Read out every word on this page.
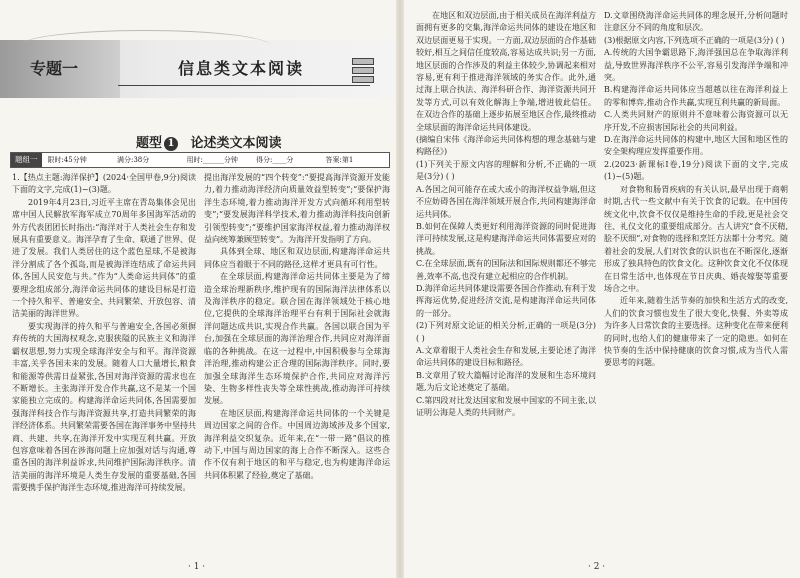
专题一	信息类文本阅读
题型 1 论述类文本阅读
题组一	限时:45分钟	满分:38分	用时:______分钟	得分:____分	答案:第1

1.【热点主题:海洋保护】(2024·全国甲卷,9分)阅读下面的文字,完成(1)~(3)题。

2019年4月23日,习近平主席在青岛集体会见出席中国人民解放军海军成立70周年多国海军活动的外方代表团团长时指出:“海洋对于人类社会生存和发展具有重要意义。海洋孕育了生命、联通了世界、促进了发展。我们人类居住的这个蓝色星球,不是被海洋分割成了各个孤岛,而是被海洋连结成了命运共同体,各国人民安危与共。”作为“人类命运共同体”的重要理念组成部分,海洋命运共同体的建设目标是打造一个持久和平、普遍安全、共同繁荣、开放包容、清洁美丽的海洋世界。

要实现海洋的持久和平与普遍安全,各国必须摒弃传统的大国海权观念,克服狭隘的民族主义和海洋霸权思想,努力实现全球海洋安全与和平。海洋资源丰富,关乎各国未来的发展。随着人口大量增长,粮食和能源等供需日益紧张,各国对海洋资源的需求也在不断增长。主张海洋开发合作共赢,这不是某一个国家能独立完成的。构建海洋命运共同体,各国需要加强海洋科技合作与海洋资源共享,打造共同繁荣的海洋经济体系。共同繁荣需要各国在海洋事务中坚持共商、共建、共享,在海洋开发中实现互利共赢。开放包容意味着各国在涉海问题上应加强对话与沟通,尊重各国的海洋利益诉求,共同维护国际海洋秩序。清洁美丽的海洋环境是人类生存发展的重要基础,各国需要携手保护海洋生态环境,推进海洋可持续发展。

提出海洋发展的“四个转变”:“要提高海洋资源开发能力,着力推动海洋经济向质量效益型转变”;“要保护海洋生态环境,着力推动海洋开发方式向循环利用型转变”;“要发展海洋科学技术,着力推动海洋科技向创新引领型转变”;“要维护国家海洋权益,着力推动海洋权益向统筹兼顾型转变”。为海洋开发指明了方向。

具体到全球、地区和双边层面,构建海洋命运共同体应当着眼于不同的路径,这样才更具有可行性。

在全球层面,构建海洋命运共同体主要是为了缔造全球治理新秩序,维护现有的国际海洋法律体系以及海洋秩序的稳定。联合国在海洋领域处于核心地位,它提供的全球海洋治理平台有利于国际社会就海洋问题达成共识,实现合作共赢。各国以联合国为平台,加强在全球层面的海洋治理合作,共同应对海洋面临的各种挑战。在这一过程中,中国积极参与全球海洋治理,推动构建公正合理的国际海洋秩序。同时,要加强全球海洋生态环境保护合作,共同应对海洋污染、生物多样性丧失等全球性挑战,推动海洋可持续发展。

在地区层面,构建海洋命运共同体的一个关键是周边国家之间的合作。中国周边海域涉及多个国家,海洋利益交织复杂。近年来,在“一带一路”倡议的推动下,中国与周边国家的海上合作不断深入。这些合作不仅有利于地区的和平与稳定,也为构建海洋命运共同体积累了经验,奠定了基础。

· 1 ·

在地区和双边层面,由于相关成员在海洋利益方面拥有更多的交集,海洋命运共同体的建设在地区和双边层面更易于实现。一方面,双边层面的合作基础较好,相互之间信任度较高,容易达成共识;另一方面,地区层面的合作涉及的利益主体较少,协调起来相对容易,更有利于推进海洋领域的务实合作。此外,通过海上联合执法、海洋科研合作、海洋资源共同开发等方式,可以有效化解海上争端,增进彼此信任。在双边合作的基础上逐步拓展至地区合作,最终推动全球层面的海洋命运共同体建设。

(摘编自宋伟《海洋命运共同体构想的理念基础与建构路径》)

(1)下列关于原文内容的理解和分析,不正确的一项是(3分) ( )

A.各国之间可能存在或大或小的海洋权益争端,但这不应妨碍各国在海洋领域开展合作,共同构建海洋命运共同体。

B.如何在保障人类更好利用海洋资源的同时促进海洋可持续发展,这是构建海洋命运共同体需要应对的挑战。

C.在全球层面,既有的国际法和国际规则都还不够完善,效率不高,也没有建立起相应的合作机制。

D.海洋命运共同体建设需要各国合作推动,有利于发挥海运优势,促进经济交流,是构建海洋命运共同体的一部分。

(2)下列对原文论证的相关分析,正确的一项是(3分) ( )

A.文章着眼于人类社会生存和发展,主要论述了海洋命运共同体的建设目标和路径。

B.文章用了较大篇幅讨论海洋的发展和生态环境问题,为后文论述奠定了基础。

C.第四段对比发达国家和发展中国家的不同主张,以证明公海是人类的共同财产。

D.文章围绕海洋命运共同体的理念展开,分析问题时注意区分不同的角度和层次。

(3)根据原文内容,下列选项不正确的一项是(3分) ( )

A.传统的大国争霸思路下,海洋强国总在争取海洋利益,导致世界海洋秩序不公平,容易引发海洋争端和冲突。

B.构建海洋命运共同体应当超越以往在海洋利益上的零和博弈,推动合作共赢,实现互利共赢的新局面。

C.人类共同财产的原则并不意味着公海资源可以无序开发,不应损害国际社会的共同利益。

D.在海洋命运共同体的构建中,地区大国和地区性的安全架构理应发挥重要作用。

2.(2023·新课标Ⅰ卷,19分)阅读下面的文字,完成(1)~(5)题。

对食物和肠胃疾病的有关认识,最早出现于商朝时期,古代一些文献中有关于饮食的记载。在中国传统文化中,饮食不仅仅是维持生命的手段,更是社会交往、礼仪文化的重要组成部分。古人讲究“食不厌精,脍不厌细”,对食物的选择和烹饪方法都十分考究。随着社会的发展,人们对饮食的认识也在不断深化,逐渐形成了独具特色的饮食文化。这种饮食文化不仅体现在日常生活中,也体现在节日庆典、婚丧嫁娶等重要场合之中。

近年来,随着生活节奏的加快和生活方式的改变,人们的饮食习惯也发生了很大变化,快餐、外卖等成为许多人日常饮食的主要选择。这种变化在带来便利的同时,也给人们的健康带来了一定的隐患。如何在快节奏的生活中保持健康的饮食习惯,成为当代人需要思考的问题。

· 2 ·
